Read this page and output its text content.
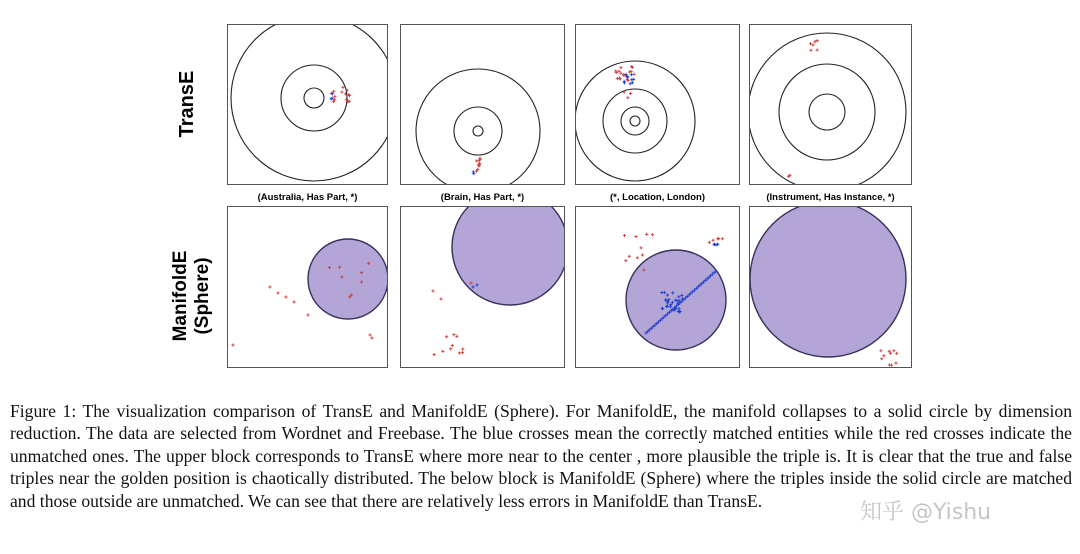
TransE
ManifoldE
(Sphere)
(Australia, Has Part, *)	(Brain, Has Part, *)	(*, Location, London)	(Instrument, Has Instance, *)
Figure 1: The visualization comparison of TransE and ManifoldE (Sphere). For ManifoldE, the manifold collapses to a solid circle by dimension reduction. The data are selected from Wordnet and Freebase. The blue crosses mean the correctly matched entities while the red crosses indicate the unmatched ones. The upper block corresponds to TransE where more near to the center , more plausible the triple is. It is clear that the true and false triples near the golden position is chaotically distributed. The below block is ManifoldE (Sphere) where the triples inside the solid circle are matched and those outside are unmatched. We can see that there are relatively less errors in ManifoldE than TransE.	知乎 @Yishu
